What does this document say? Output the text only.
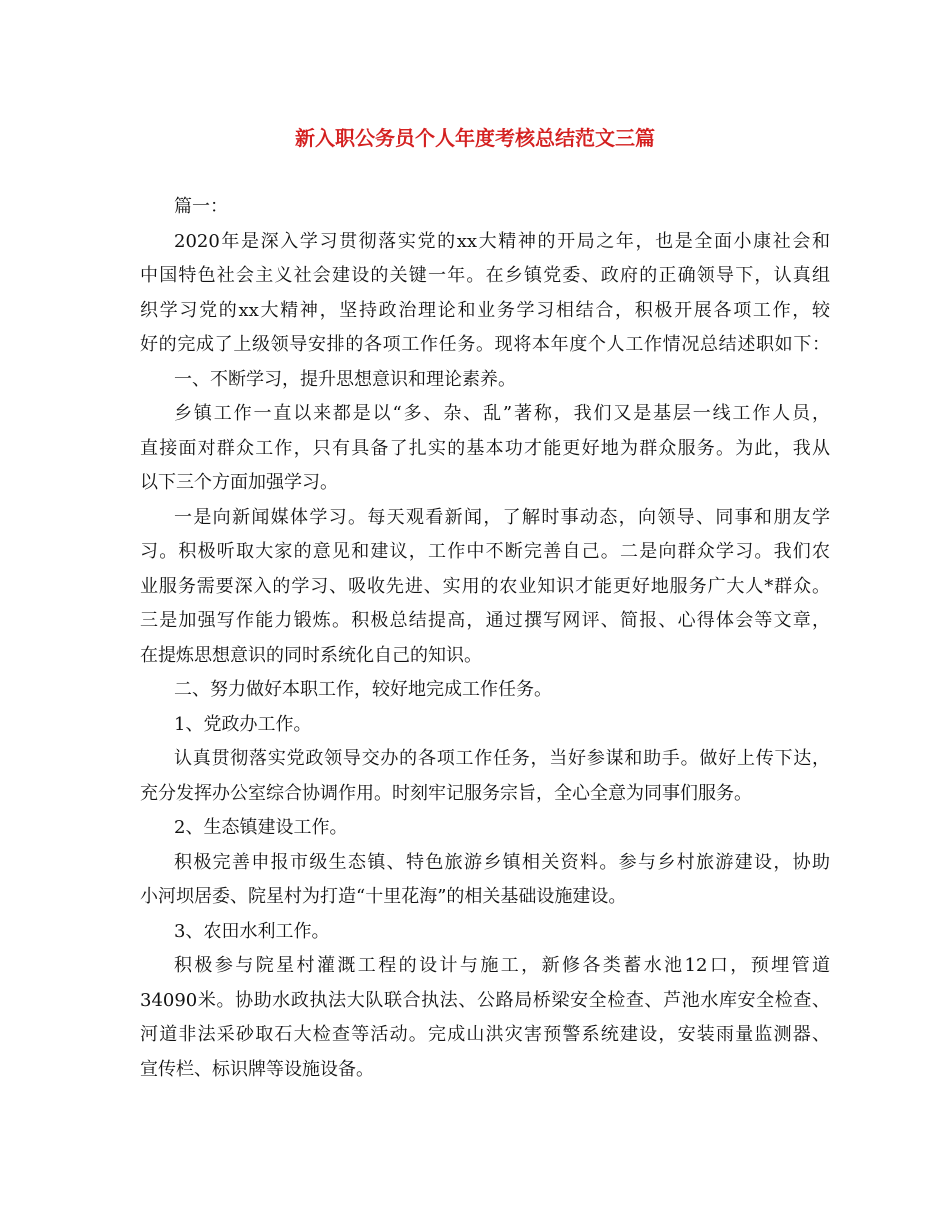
新入职公务员个人年度考核总结范文三篇
篇一：
2020年是深入学习贯彻落实党的xx大精神的开局之年，也是全面小康社会和
中国特色社会主义社会建设的关键一年。在乡镇党委、政府的正确领导下，认真组
织学习党的xx大精神，坚持政治理论和业务学习相结合，积极开展各项工作，较
好的完成了上级领导安排的各项工作任务。现将本年度个人工作情况总结述职如下：
一、不断学习，提升思想意识和理论素养。
乡镇工作一直以来都是以“多、杂、乱”著称，我们又是基层一线工作人员，
直接面对群众工作，只有具备了扎实的基本功才能更好地为群众服务。为此，我从
以下三个方面加强学习。
一是向新闻媒体学习。每天观看新闻，了解时事动态，向领导、同事和朋友学
习。积极听取大家的意见和建议，工作中不断完善自己。二是向群众学习。我们农
业服务需要深入的学习、吸收先进、实用的农业知识才能更好地服务广大人*群众。
三是加强写作能力锻炼。积极总结提高，通过撰写网评、简报、心得体会等文章，
在提炼思想意识的同时系统化自己的知识。
二、努力做好本职工作，较好地完成工作任务。
1、党政办工作。
认真贯彻落实党政领导交办的各项工作任务，当好参谋和助手。做好上传下达，
充分发挥办公室综合协调作用。时刻牢记服务宗旨，全心全意为同事们服务。
2、生态镇建设工作。
积极完善申报市级生态镇、特色旅游乡镇相关资料。参与乡村旅游建设，协助
小河坝居委、院星村为打造“十里花海”的相关基础设施建设。
3、农田水利工作。
积极参与院星村灌溉工程的设计与施工，新修各类蓄水池12口，预埋管道
34090米。协助水政执法大队联合执法、公路局桥梁安全检查、芦池水库安全检查、
河道非法采砂取石大检查等活动。完成山洪灾害预警系统建设，安装雨量监测器、
宣传栏、标识牌等设施设备。
